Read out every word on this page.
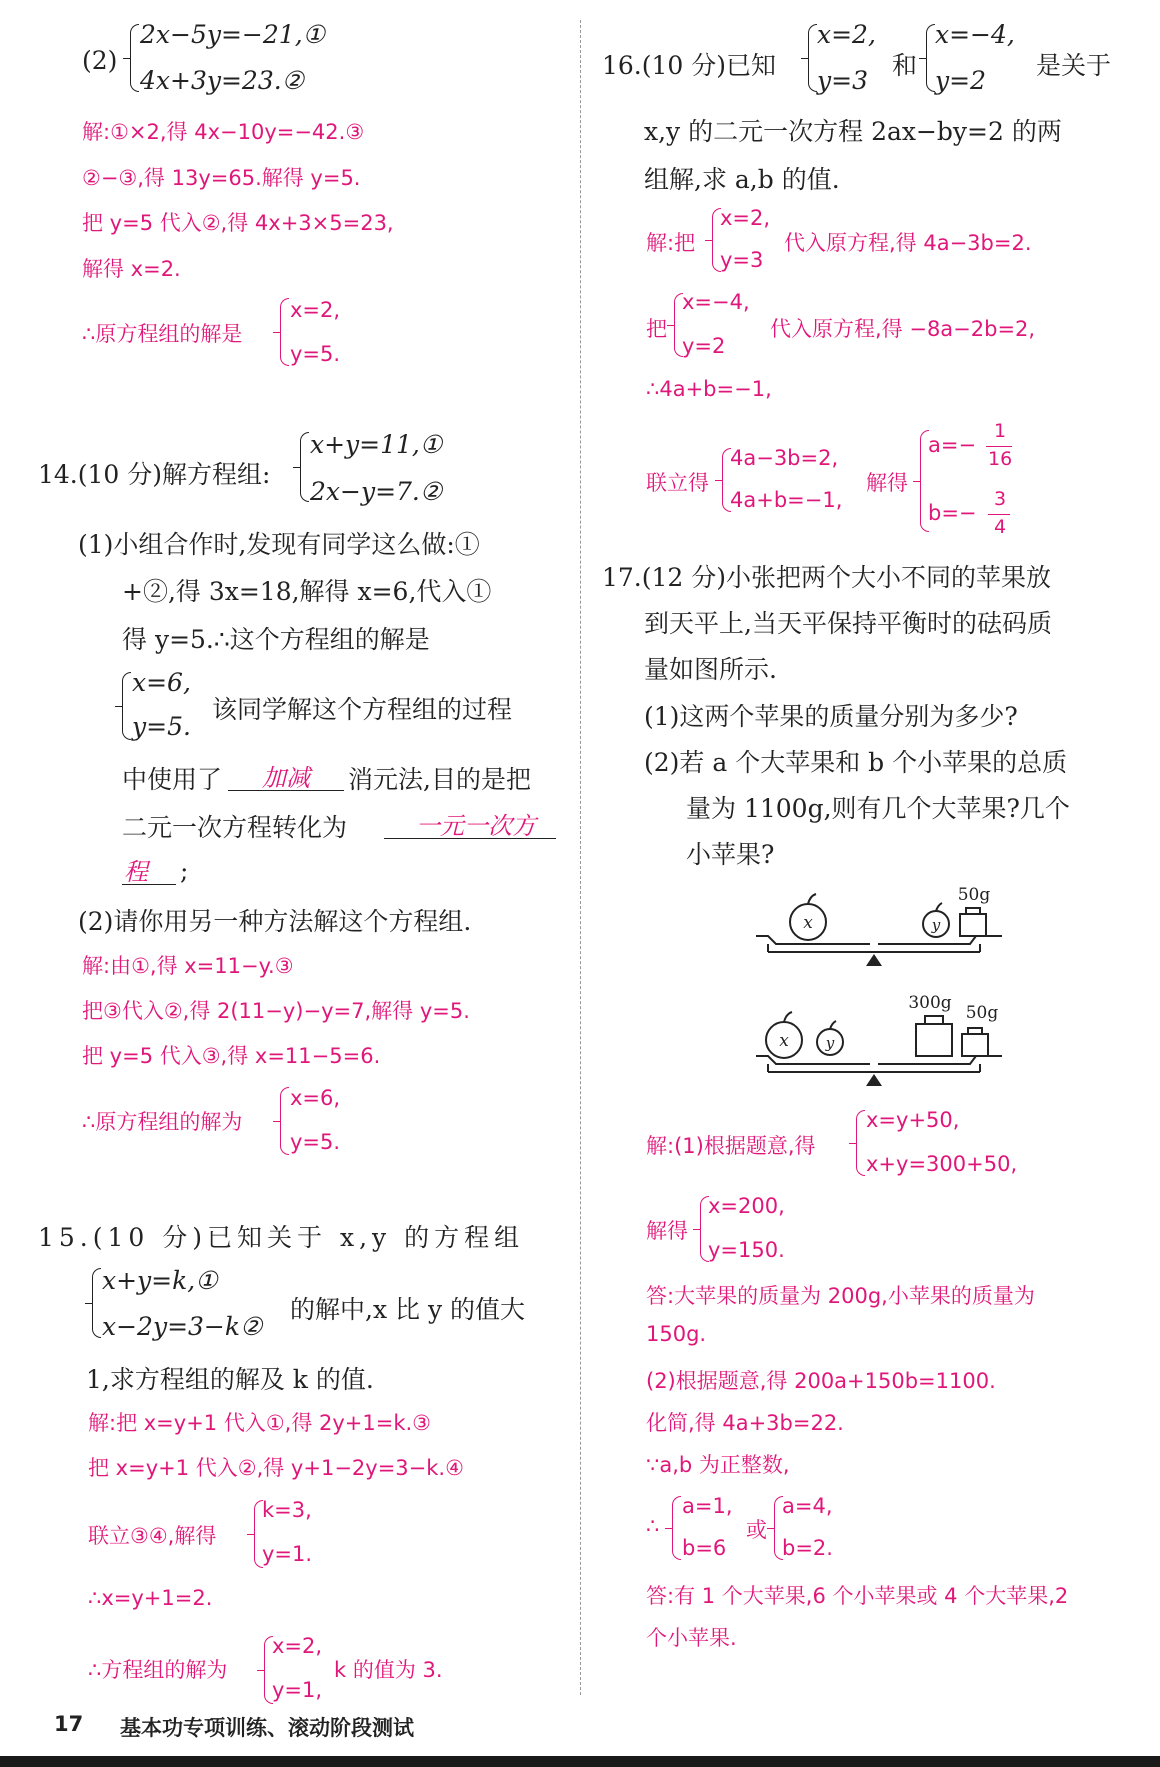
(2)
2x−5y=−21,①
4x+3y=23.②
解:①×2,得 4x−10y=−42.③
②−③,得 13y=65.解得 y=5.
把 y=5 代入②,得 4x+3×5=23,
解得 x=2.
∴原方程组的解是
x=2,
y=5.
14.(10 分)解方程组:
x+y=11,①
2x−y=7.②
(1)小组合作时,发现有同学这么做:①
+②,得 3x=18,解得 x=6,代入①
得 y=5.∴这个方程组的解是
x=6,
y=5.
该同学解这个方程组的过程
中使用了 加减 消元法,目的是把
二元一次方程转化为	一元一次方
程 ;
(2)请你用另一种方法解这个方程组.
解:由①,得 x=11−y.③
把③代入②,得 2(11−y)−y=7,解得 y=5.
把 y=5 代入③,得 x=11−5=6.
∴原方程组的解为
x=6,
y=5.
15.(10 分)已知关于 x,y 的方程组
x+y=k,①
x−2y=3−k②
的解中,x 比 y 的值大
1,求方程组的解及 k 的值.
解:把 x=y+1 代入①,得 2y+1=k.③
把 x=y+1 代入②,得 y+1−2y=3−k.④
联立③④,解得
k=3,
y=1.
∴x=y+1=2.
∴方程组的解为
x=2,
y=1,
k 的值为 3.
16.(10 分)已知
x=2,
y=3
和
x=−4,
y=2
是关于
x,y 的二元一次方程 2ax−by=2 的两
组解,求 a,b 的值.
解:把
x=2,
y=3
代入原方程,得 4a−3b=2.
把
x=−4,
y=2
代入原方程,得 −8a−2b=2,
∴4a+b=−1,
联立得
4a−3b=2,
4a+b=−1,
解得
a=−
1
16
b=−
3
4
17.(12 分)小张把两个大小不同的苹果放
到天平上,当天平保持平衡时的砝码质
量如图所示.
(1)这两个苹果的质量分别为多少?
(2)若 a 个大苹果和 b 个小苹果的总质
量为 1100g,则有几个大苹果?几个
小苹果?
x	y
50g
x y
300g 50g
解:(1)根据题意,得
x=y+50,
x+y=300+50,
解得
x=200,
y=150.
答:大苹果的质量为 200g,小苹果的质量为
150g.
(2)根据题意,得 200a+150b=1100.
化简,得 4a+3b=22.
∵a,b 为正整数,
∴
a=1,
b=6
或
a=4,
b=2.
答:有 1 个大苹果,6 个小苹果或 4 个大苹果,2
个小苹果.
17 基本功专项训练、滚动阶段测试
